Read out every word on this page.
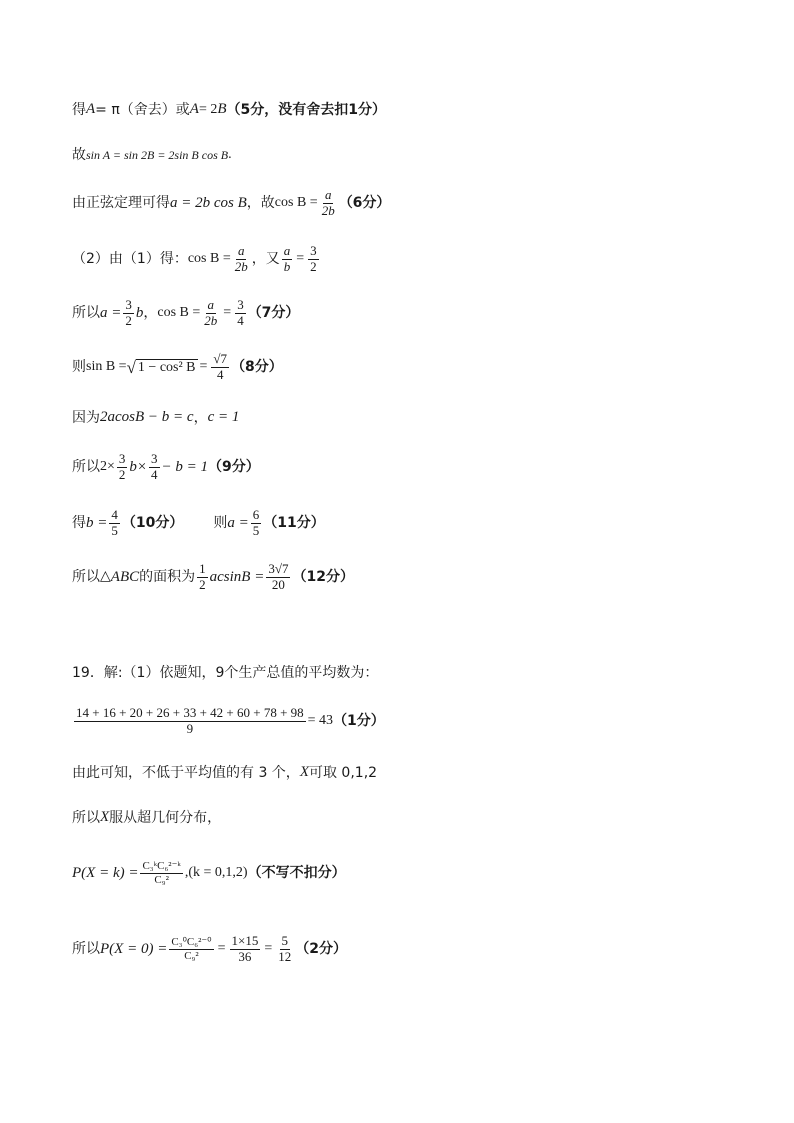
得 A = π（舍去）或 A = 2 B （5分，没有舍去扣1分）
故 sin A = sin 2B = 2sin B cos B .
由正弦定理可得 a = 2b cos B ，故 $\cos B = \frac{a}{2b} (6$分）
（2）由（1）得： $\cos B = \frac{a}{2b}$ ，又 $\frac{a}{b} = \frac{3}{2}$
所以 $a = \frac{3}{2}$ b ， $\cos B = \frac{a}{2b} = \frac{3}{4} (7$分）
则 sin B = √ 1 − cos² $B = \frac{√7}{4} (8$分）
因为 2acosB − b = c ， c = 1
所以 $2\times \frac{3}{2} b\times \frac{3}{4} - b = 1$ （9分）
得 $b = \frac{4}{5} (10$分） 则 $a = \frac{6}{5} (11$分）
所以 △ ABC 的面积为 $\frac{1}{2}$ $acsinB = \frac{3√7}{20} (12$分）
19．解:（1）依题知，9个生产总值的平均数为：
$\frac{14 + 16 + 20 + 26 + 33 + 42 + 60 + 78 + 98}{9} = 43$ （1分）
由此可知，不低于平均值的有 3 个， X 可取 0,1,2
所以 X 服从超几何分布，
$P(X = k) = \frac{\text{C₃ᵏC₆²⁻ᵏ}}{\text{C₉²}} ,(k = 0,1,2)$ （不写不扣分）
所以 $P(X = 0) = \frac{\text{C₃⁰C₆²⁻⁰}}{\text{C₉²}} = \frac{1\times 15}{36} = \frac{5}{12} (2$分）
